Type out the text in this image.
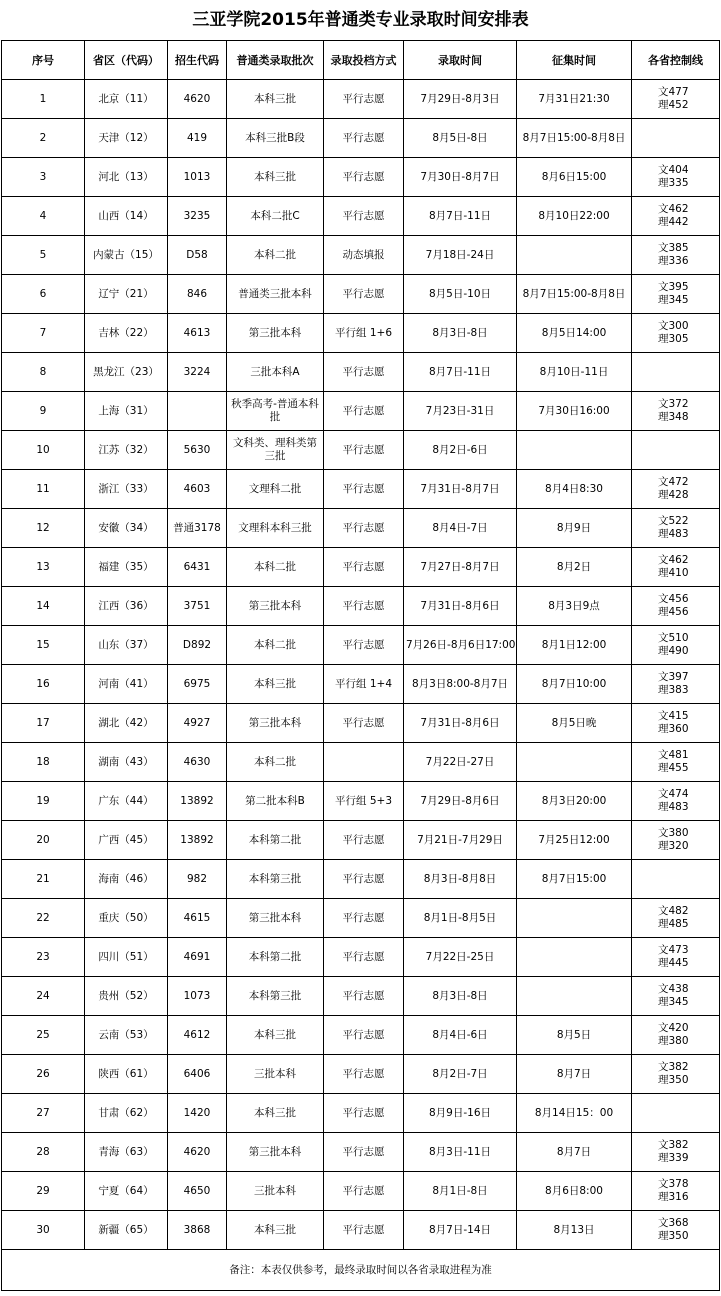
三亚学院2015年普通类专业录取时间安排表
序号	省区（代码）	招生代码	普通类录取批次	录取投档方式	录取时间	征集时间	各省控制线
1	北京（11）	4620	本科三批	平行志愿	7月29日-8月3日	7月31日21:30	文477
理452

2	天津（12）	419	本科三批B段	平行志愿	8月5日-8日	8月7日15:00-8月8日	

3	河北（13）	1013	本科三批	平行志愿	7月30日-8月7日	8月6日15:00	文404
理335

4	山西（14）	3235	本科二批C	平行志愿	8月7日-11日	8月10日22:00	文462
理442

5	内蒙古（15）	D58	本科二批	动态填报	7月18日-24日		文385
理336

6	辽宁（21）	846	普通类三批本科	平行志愿	8月5日-10日	8月7日15:00-8月8日	文395
理345

7	吉林（22）	4613	第三批本科	平行组 1+6	8月3日-8日	8月5日14:00	文300
理305

8	黑龙江（23）	3224	三批本科A	平行志愿	8月7日-11日	8月10日-11日	

9	上海（31）		秋季高考-普通本科批	平行志愿	7月23日-31日	7月30日16:00	文372
理348

10	江苏（32）	5630	文科类、理科类第三批	平行志愿	8月2日-6日		

11	浙江（33）	4603	文理科二批	平行志愿	7月31日-8月7日	8月4日8:30	文472
理428

12	安徽（34）	普通3178	文理科本科三批	平行志愿	8月4日-7日	8月9日	文522
理483

13	福建（35）	6431	本科二批	平行志愿	7月27日-8月7日	8月2日	文462
理410

14	江西（36）	3751	第三批本科	平行志愿	7月31日-8月6日	8月3日9点	文456
理456

15	山东（37）	D892	本科二批	平行志愿	7月26日-8月6日17:00	8月1日12:00	文510
理490

16	河南（41）	6975	本科三批	平行组 1+4	8月3日8:00-8月7日	8月7日10:00	文397
理383

17	湖北（42）	4927	第三批本科	平行志愿	7月31日-8月6日	8月5日晚	文415
理360

18	湖南（43）	4630	本科二批		7月22日-27日		文481
理455

19	广东（44）	13892	第二批本科B	平行组 5+3	7月29日-8月6日	8月3日20:00	文474
理483

20	广西（45）	13892	本科第二批	平行志愿	7月21日-7月29日	7月25日12:00	文380
理320

21	海南（46）	982	本科第三批	平行志愿	8月3日-8月8日	8月7日15:00	

22	重庆（50）	4615	第三批本科	平行志愿	8月1日-8月5日		文482
理485

23	四川（51）	4691	本科第二批	平行志愿	7月22日-25日		文473
理445

24	贵州（52）	1073	本科第三批	平行志愿	8月3日-8日		文438
理345

25	云南（53）	4612	本科三批	平行志愿	8月4日-6日	8月5日	文420
理380

26	陕西（61）	6406	三批本科	平行志愿	8月2日-7日	8月7日	文382
理350

27	甘肃（62）	1420	本科三批	平行志愿	8月9日-16日	8月14日15：00	

28	青海（63）	4620	第三批本科	平行志愿	8月3日-11日	8月7日	文382
理339

29	宁夏（64）	4650	三批本科	平行志愿	8月1日-8日	8月6日8:00	文378
理316

30	新疆（65）	3868	本科三批	平行志愿	8月7日-14日	8月13日	文368
理350

备注：本表仅供参考，最终录取时间以各省录取进程为准							
